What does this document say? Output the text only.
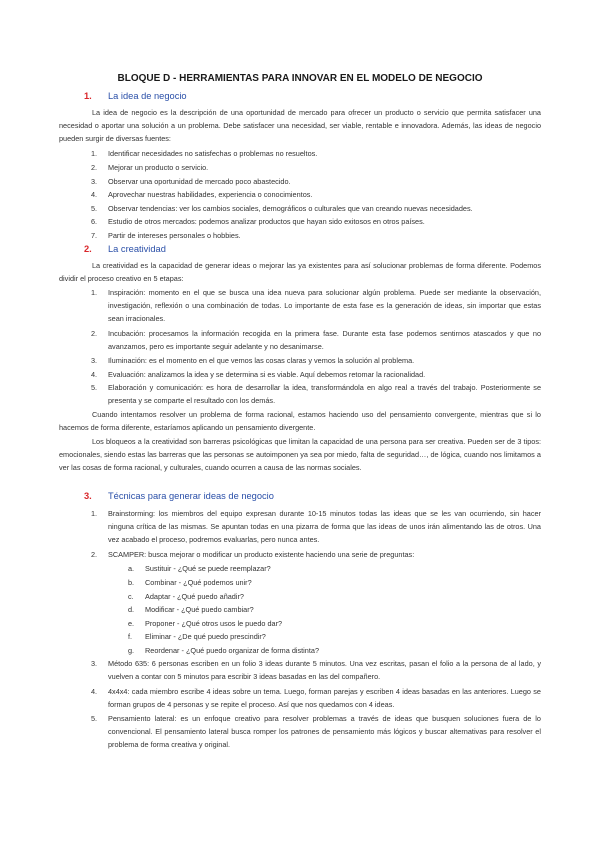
BLOQUE D - HERRAMIENTAS PARA INNOVAR EN EL MODELO DE NEGOCIO
1. La idea de negocio
La idea de negocio es la descripción de una oportunidad de mercado para ofrecer un producto o servicio que permita satisfacer una necesidad o aportar una solución a un problema. Debe satisfacer una necesidad, ser viable, rentable e innovadora. Además, las ideas de negocio pueden surgir de diversas fuentes:
1. Identificar necesidades no satisfechas o problemas no resueltos.
2. Mejorar un producto o servicio.
3. Observar una oportunidad de mercado poco abastecido.
4. Aprovechar nuestras habilidades, experiencia o conocimientos.
5. Observar tendencias: ver los cambios sociales, demográficos o culturales que van creando nuevas necesidades.
6. Estudio de otros mercados: podemos analizar productos que hayan sido exitosos en otros países.
7. Partir de intereses personales o hobbies.
2. La creatividad
La creatividad es la capacidad de generar ideas o mejorar las ya existentes para así solucionar problemas de forma diferente. Podemos dividir el proceso creativo en 5 etapas:
1. Inspiración: momento en el que se busca una idea nueva para solucionar algún problema. Puede ser mediante la observación, investigación, reflexión o una combinación de todas. Lo importante de esta fase es la generación de ideas, sin importar que estas sean irracionales.
2. Incubación: procesamos la información recogida en la primera fase. Durante esta fase podemos sentirnos atascados y que no avanzamos, pero es importante seguir adelante y no desanimarse.
3. Iluminación: es el momento en el que vemos las cosas claras y vemos la solución al problema.
4. Evaluación: analizamos la idea y se determina si es viable. Aquí debemos retomar la racionalidad.
5. Elaboración y comunicación: es hora de desarrollar la idea, transformándola en algo real a través del trabajo. Posteriormente se presenta y se comparte el resultado con los demás.
Cuando intentamos resolver un problema de forma racional, estamos haciendo uso del pensamiento convergente, mientras que si lo hacemos de forma diferente, estaríamos aplicando un pensamiento divergente.
Los bloqueos a la creatividad son barreras psicológicas que limitan la capacidad de una persona para ser creativa. Pueden ser de 3 tipos: emocionales, siendo estas las barreras que las personas se autoimponen ya sea por miedo, falta de seguridad…, de lógica, cuando nos limitamos a ver las cosas de forma racional, y culturales, cuando ocurren a causa de las normas sociales.
3. Técnicas para generar ideas de negocio
1. Brainstorming: los miembros del equipo expresan durante 10-15 minutos todas las ideas que se les van ocurriendo, sin hacer ninguna crítica de las mismas. Se apuntan todas en una pizarra de forma que las ideas de unos irán alimentando las de otros. Una vez acabado el proceso, podremos evaluarlas, pero nunca antes.
2. SCAMPER: busca mejorar o modificar un producto existente haciendo una serie de preguntas:
a. Sustituir - ¿Qué se puede reemplazar?
b. Combinar - ¿Qué podemos unir?
c. Adaptar - ¿Qué puedo añadir?
d. Modificar - ¿Qué puedo cambiar?
e. Proponer - ¿Qué otros usos le puedo dar?
f. Eliminar - ¿De qué puedo prescindir?
g. Reordenar - ¿Qué puedo organizar de forma distinta?
3. Método 635: 6 personas escriben en un folio 3 ideas durante 5 minutos. Una vez escritas, pasan el folio a la persona de al lado, y vuelven a contar con 5 minutos para escribir 3 ideas basadas en las del compañero.
4. 4x4x4: cada miembro escribe 4 ideas sobre un tema. Luego, forman parejas y escriben 4 ideas basadas en las anteriores. Luego se forman grupos de 4 personas y se repite el proceso. Así que nos quedamos con 4 ideas.
5. Pensamiento lateral: es un enfoque creativo para resolver problemas a través de ideas que busquen soluciones fuera de lo convencional. El pensamiento lateral busca romper los patrones de pensamiento más lógicos y buscar alternativas para resolver el problema de forma creativa y original.
